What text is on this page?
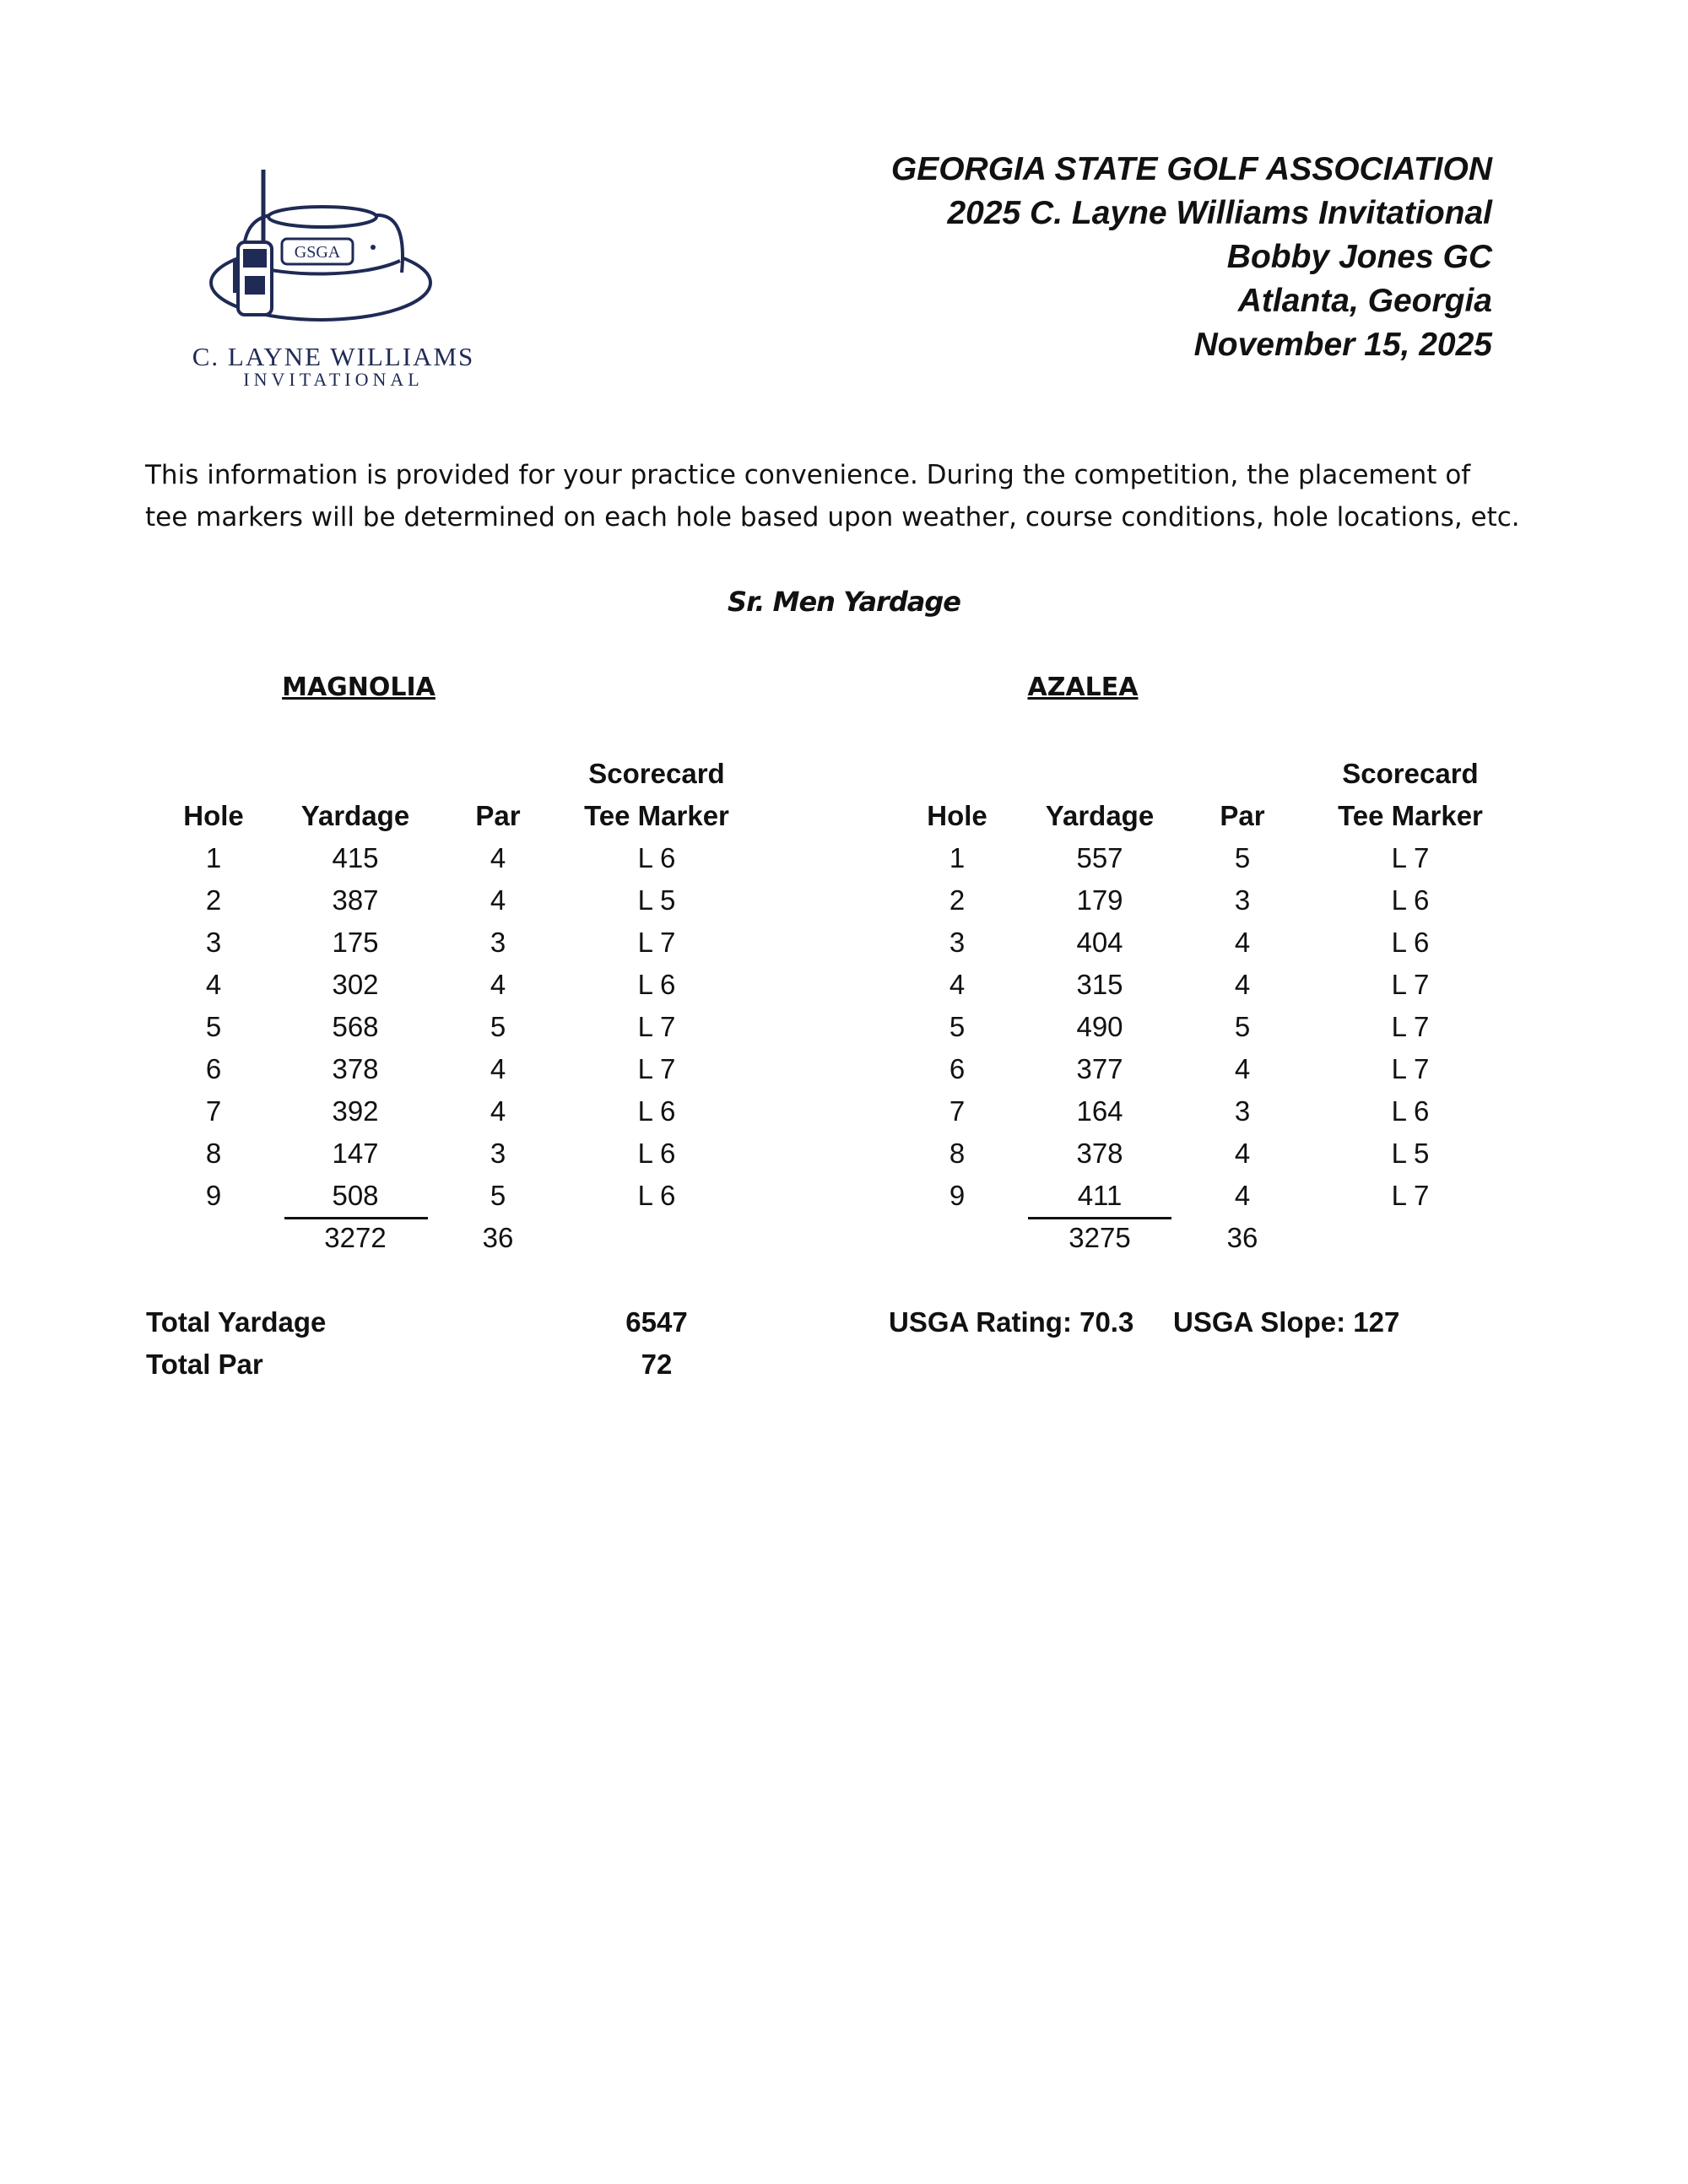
GSGA
C. LAYNE WILLIAMS
INVITATIONAL
GEORGIA STATE GOLF ASSOCIATION
2025 C. Layne Williams Invitational
Bobby Jones GC
Atlanta, Georgia
November 15, 2025
This information is provided for your practice convenience. During the competition, the placement of
tee markers will be determined on each hole based upon weather, course conditions, hole locations, etc.
Sr. Men Yardage
MAGNOLIA	AZALEA
Scorecard
Hole Yardage Par Tee Marker
Scorecard
Hole Yardage Par	Tee Marker
1	415	4	L 6
2	387	4	L 5
3	175	3	L 7
4	302	4	L 6
5	568	5	L 7
6	378	4	L 7
7	392	4	L 6
8	147	3	L 6
9	508	5	L 6
3272	36
1	557	5	L 7
2	179	3	L 6
3	404	4	L 6
4	315	4	L 7
5	490	5	L 7
6	377	4	L 7
7	164	3	L 6
8	378	4	L 5
9	411	4	L 7
3275	36
Total Yardage	6547
Total Par	72
USGA Rating: 70.3 USGA Slope: 127
